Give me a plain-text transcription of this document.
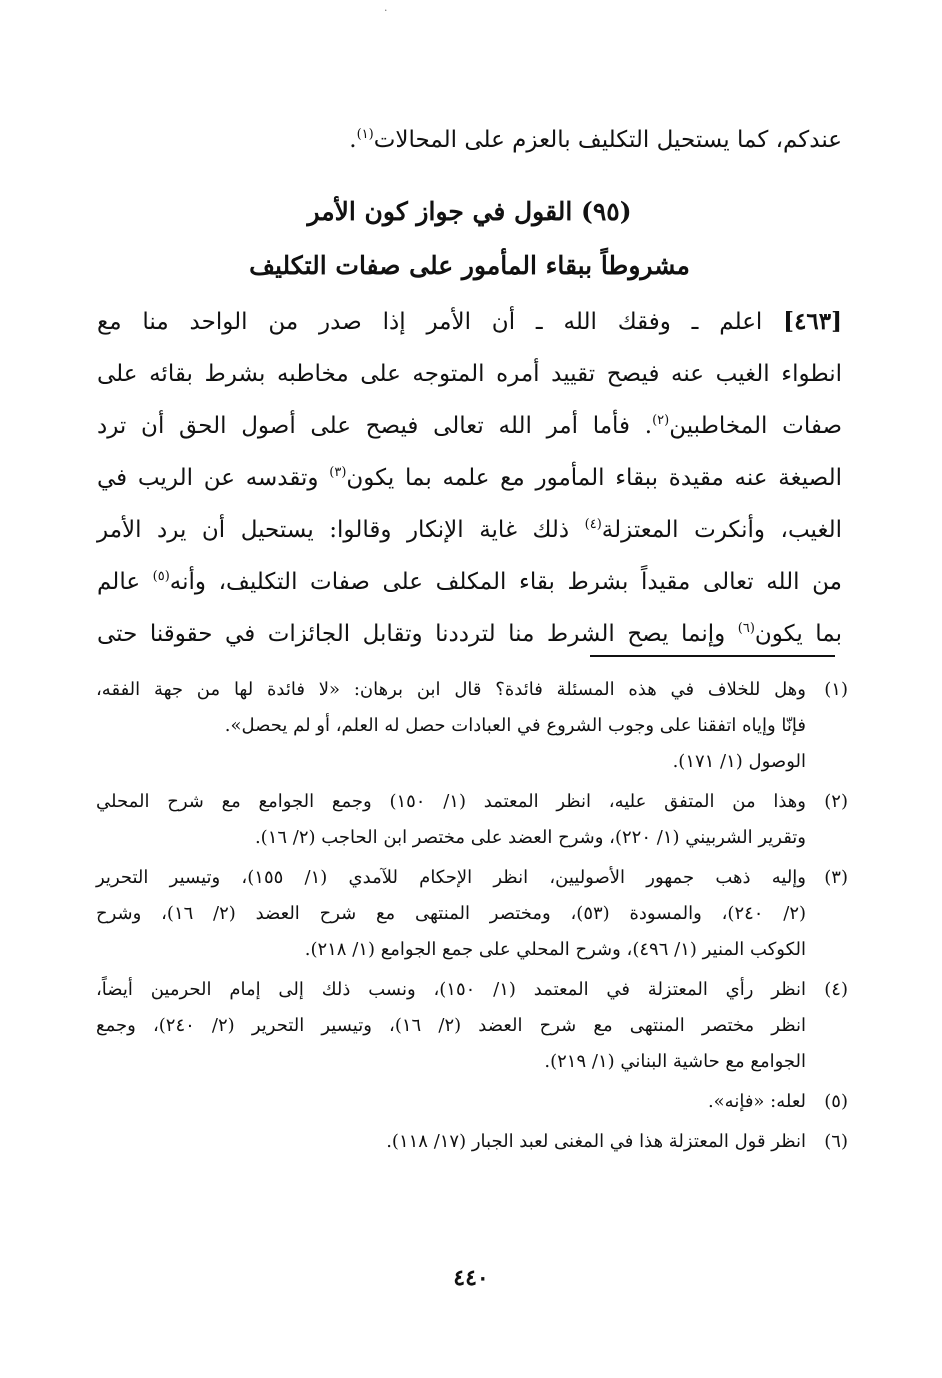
·
عندكم، كما يستحيل التكليف بالعزم على المحالات$^{(١)}$.
(٩٥) القول في جواز كون الأمر
مشروطاً ببقاء المأمور على صفات التكليف
[٤٦٣] اعلم ـ وفقك الله ـ أن الأمر إذا صدر من الواحد منا مع
انطواء الغيب عنه فيصح تقييد أمره المتوجه على مخاطبه بشرط بقائه على
صفات المخاطبين$^{(٢)}$. فأما أمر الله تعالى فيصح على أصول الحق أن ترد
الصيغة عنه مقيدة ببقاء المأمور مع علمه بما يكون$^{(٣)}$ وتقدسه عن الريب في
الغيب، وأنكرت المعتزلة$^{(٤)}$ ذلك غاية الإنكار وقالوا: يستحيل أن يرد الأمر
من الله تعالى مقيداً بشرط بقاء المكلف على صفات التكليف، وأنه$^{(٥)}$ عالم
بما يكون$^{(٦)}$ وإنما يصح الشرط منا لترددنا وتقابل الجائزات في حقوقنا حتى
(١)
وهل للخلاف في هذه المسئلة فائدة؟ قال ابن برهان: «لا فائدة لها من جهة الفقه،
فإنّا وإياه اتفقنا على وجوب الشروع في العبادات حصل له العلم، أو لم يحصل».
الوصول (١/ ١٧١).
(٢)
وهذا من المتفق عليه، انظر المعتمد (١/ ١٥٠) وجمع الجوامع مع شرح المحلي
وتقرير الشربيني (١/ ٢٢٠)، وشرح العضد على مختصر ابن الحاجب (٢/ ١٦).
(٣)
وإليه ذهب جمهور الأصوليين، انظر الإحكام للآمدي (١/ ١٥٥)، وتيسير التحرير
(٢/ ٢٤٠)، والمسودة (٥٣)، ومختصر المنتهى مع شرح العضد (٢/ ١٦)، وشرح
الكوكب المنير (١/ ٤٩٦)، وشرح المحلي على جمع الجوامع (١/ ٢١٨).
(٤)
انظر رأي المعتزلة في المعتمد (١/ ١٥٠)، ونسب ذلك إلى إمام الحرمين أيضاً،
انظر مختصر المنتهى مع شرح العضد (٢/ ١٦)، وتيسير التحرير (٢/ ٢٤٠)، وجمع
الجوامع مع حاشية البناني (١/ ٢١٩).
(٥)
لعله: «فإنه».
(٦)
انظر قول المعتزلة هذا في المغنى لعبد الجبار (١٧/ ١١٨).
٤٤٠
